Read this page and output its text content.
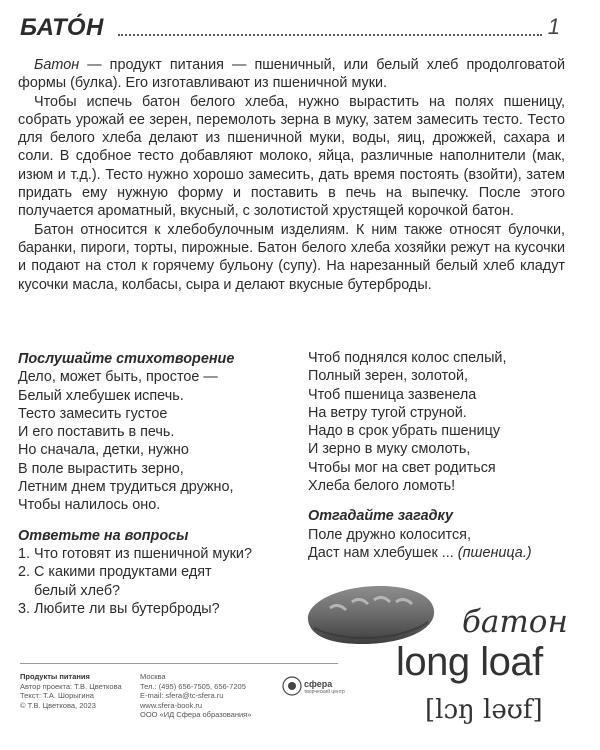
БАТО́Н	1

Батон — продукт питания — пшеничный, или белый хлеб продолговатой формы (булка). Его изготавливают из пшеничной муки.

Чтобы испечь батон белого хлеба, нужно вырастить на полях пшеницу, собрать урожай ее зерен, перемолоть зерна в муку, затем замесить тесто. Тесто для белого хлеба делают из пшеничной муки, воды, яиц, дрожжей, сахара и соли. В сдобное тесто добавляют молоко, яйца, различные наполнители (мак, изюм и т.д.). Тесто нужно хорошо замесить, дать время постоять (взойти), затем придать ему нужную форму и поставить в печь на выпечку. После этого получается ароматный, вкусный, с золотистой хрустящей корочкой батон.

Батон относится к хлебобулочным изделиям. К ним также относят булочки, баранки, пироги, торты, пирожные. Батон белого хлеба хозяйки режут на кусочки и подают на стол к горячему бульону (супу). На нарезанный белый хлеб кладут кусочки масла, колбасы, сыра и делают вкусные бутерброды.

Послушайте стихотворение
Дело, может быть, простое —
Белый хлебушек испечь.
Тесто замесить густое
И его поставить в печь.
Но сначала, детки, нужно
В поле вырастить зерно,
Летним днем трудиться дружно,
Чтобы налилось оно.
Ответьте на вопросы
1. Что готовят из пшеничной муки?
2. С какими продуктами едят
белый хлеб?
3. Любите ли вы бутерброды?
Чтоб поднялся колос спелый,
Полный зерен, золотой,
Чтоб пшеница зазвенела
На ветру тугой струной.
Надо в срок убрать пшеницу
И зерно в муку смолоть,
Чтобы мог на свет родиться
Хлеба белого ломоть!
Отгадайте загадку
Поле дружно колосится,
Даст нам хлебушек ... (пшеница.)
батон
long loaf
[lɔŋ ləʊf]
Продукты питания
Автор проекта: Т.В. Цветкова
Текст: Т.А. Шорыгина
© Т.В. Цветкова, 2023
Москва
Тел.: (495) 656-7505, 656-7205
E-mail: sfera@tc-sfera.ru
www.sfera-book.ru
ООО «ИД Сфера образования»
сфера
творческий центр
